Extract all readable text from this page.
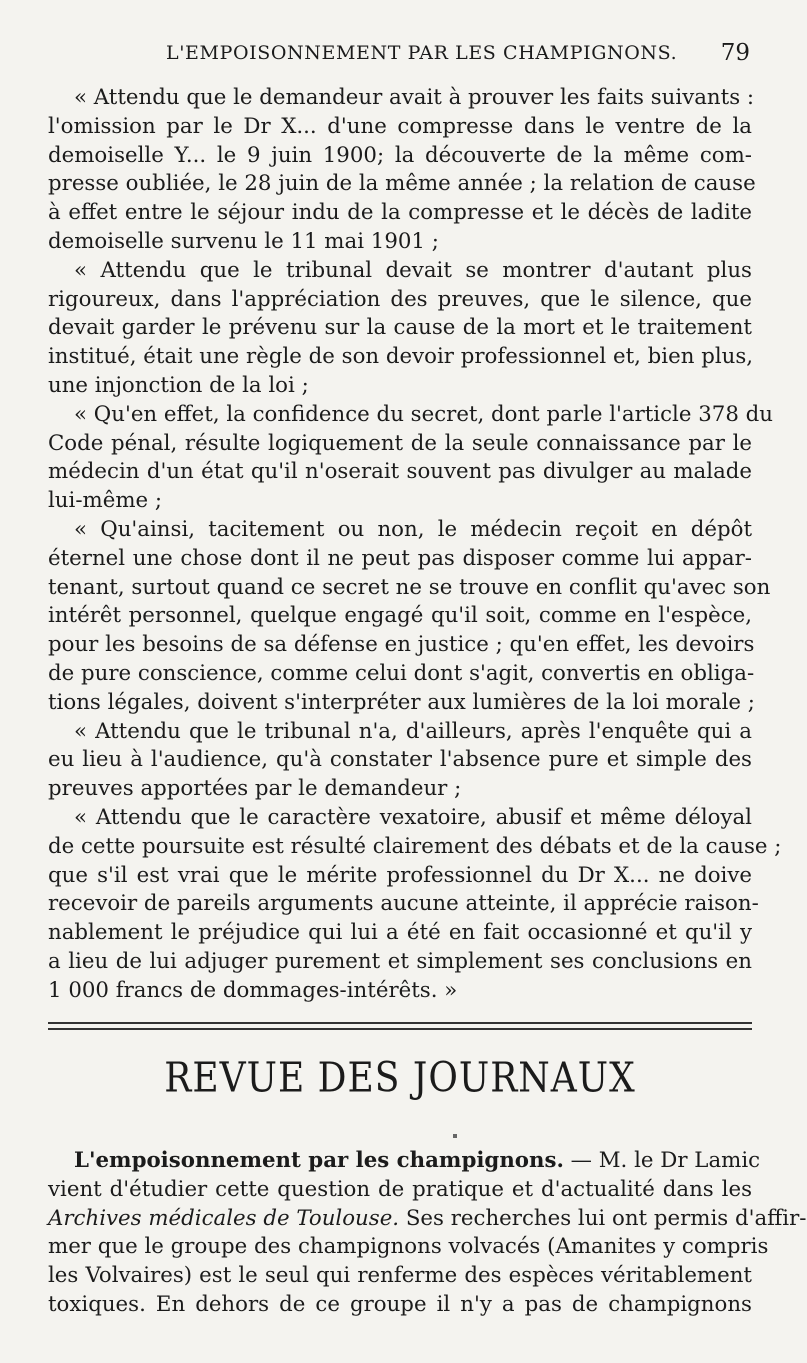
L'EMPOISONNEMENT PAR LES CHAMPIGNONS. 79
« Attendu que le demandeur avait à prouver les faits suivants :
l'omission par le Dr X... d'une compresse dans le ventre de la
demoiselle Y... le 9 juin 1900; la découverte de la même com-
presse oubliée, le 28 juin de la même année ; la relation de cause
à effet entre le séjour indu de la compresse et le décès de ladite
demoiselle survenu le 11 mai 1901 ;
« Attendu que le tribunal devait se montrer d'autant plus
rigoureux, dans l'appréciation des preuves, que le silence, que
devait garder le prévenu sur la cause de la mort et le traitement
institué, était une règle de son devoir professionnel et, bien plus,
une injonction de la loi ;
« Qu'en effet, la confidence du secret, dont parle l'article 378 du
Code pénal, résulte logiquement de la seule connaissance par le
médecin d'un état qu'il n'oserait souvent pas divulger au malade
lui-même ;
« Qu'ainsi, tacitement ou non, le médecin reçoit en dépôt
éternel une chose dont il ne peut pas disposer comme lui appar-
tenant, surtout quand ce secret ne se trouve en conflit qu'avec son
intérêt personnel, quelque engagé qu'il soit, comme en l'espèce,
pour les besoins de sa défense en justice ; qu'en effet, les devoirs
de pure conscience, comme celui dont s'agit, convertis en obliga-
tions légales, doivent s'interpréter aux lumières de la loi morale ;
« Attendu que le tribunal n'a, d'ailleurs, après l'enquête qui a
eu lieu à l'audience, qu'à constater l'absence pure et simple des
preuves apportées par le demandeur ;
« Attendu que le caractère vexatoire, abusif et même déloyal
de cette poursuite est résulté clairement des débats et de la cause ;
que s'il est vrai que le mérite professionnel du Dr X... ne doive
recevoir de pareils arguments aucune atteinte, il apprécie raison-
nablement le préjudice qui lui a été en fait occasionné et qu'il y
a lieu de lui adjuger purement et simplement ses conclusions en
1 000 francs de dommages-intérêts. »
REVUE DES JOURNAUX
L'empoisonnement par les champignons. — M. le Dr Lamic
vient d'étudier cette question de pratique et d'actualité dans les
Archives médicales de Toulouse. Ses recherches lui ont permis d'affir-
mer que le groupe des champignons volvacés (Amanites y compris
les Volvaires) est le seul qui renferme des espèces véritablement
toxiques. En dehors de ce groupe il n'y a pas de champignons
